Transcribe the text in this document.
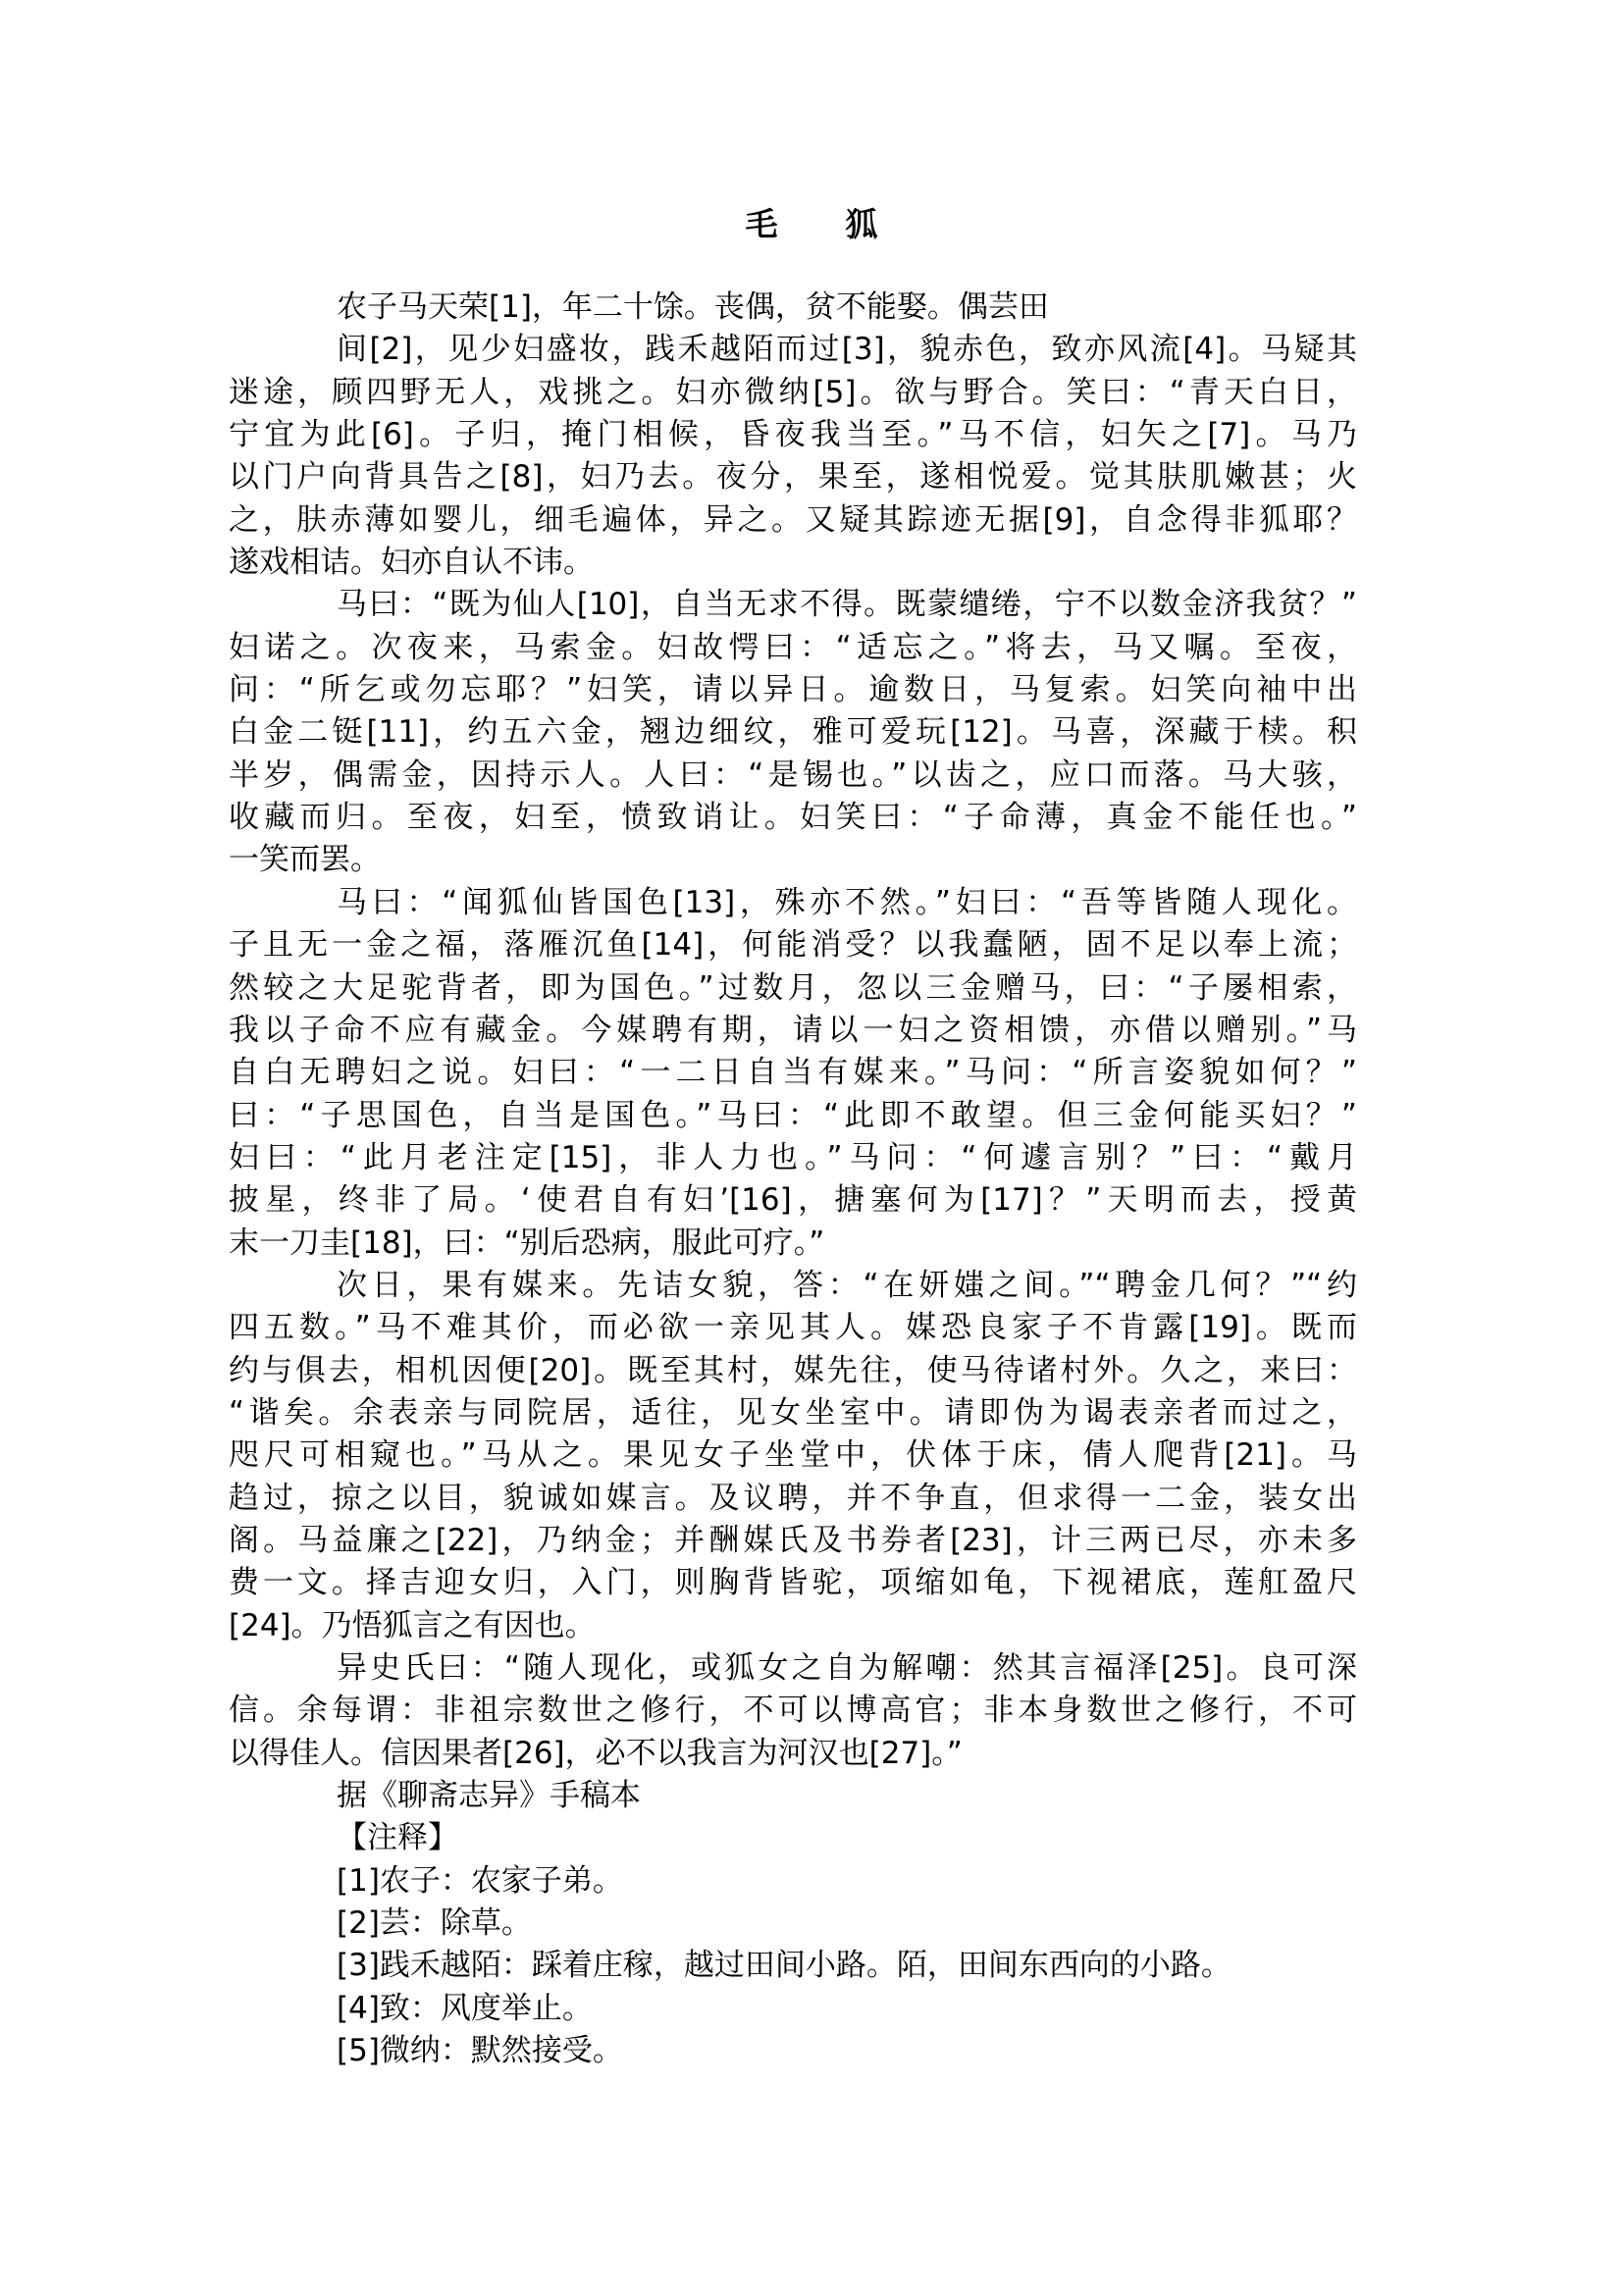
毛　　狐
农子马天荣[1]，年二十馀。丧偶，贫不能娶。偶芸田
间[2]，见少妇盛妆，践禾越陌而过[3]，貌赤色，致亦风流[4]。马疑其
迷途，顾四野无人，戏挑之。妇亦微纳[5]。欲与野合。笑曰：“青天白日，
宁宜为此[6]。子归，掩门相候，昏夜我当至。”马不信，妇矢之[7]。马乃
以门户向背具告之[8]，妇乃去。夜分，果至，遂相悦爱。觉其肤肌嫩甚；火
之，肤赤薄如婴儿，细毛遍体，异之。又疑其踪迹无据[9]，自念得非狐耶？
遂戏相诘。妇亦自认不讳。
马曰：“既为仙人[10]，自当无求不得。既蒙缱绻，宁不以数金济我贫？”
妇诺之。次夜来，马索金。妇故愕曰：“适忘之。”将去，马又嘱。至夜，
问：“所乞或勿忘耶？”妇笑，请以异日。逾数日，马复索。妇笑向袖中出
白金二铤[11]，约五六金，翘边细纹，雅可爱玩[12]。马喜，深藏于椟。积
半岁，偶需金，因持示人。人曰：“是锡也。”以齿之，应口而落。马大骇，
收藏而归。至夜，妇至，愤致诮让。妇笑曰：“子命薄，真金不能任也。”
一笑而罢。
马曰：“闻狐仙皆国色[13]，殊亦不然。”妇曰：“吾等皆随人现化。
子且无一金之福，落雁沉鱼[14]，何能消受？以我蠢陋，固不足以奉上流；
然较之大足驼背者，即为国色。”过数月，忽以三金赠马，曰：“子屡相索，
我以子命不应有藏金。今媒聘有期，请以一妇之资相馈，亦借以赠别。”马
自白无聘妇之说。妇曰：“一二日自当有媒来。”马问：“所言姿貌如何？”
曰：“子思国色，自当是国色。”马曰：“此即不敢望。但三金何能买妇？”
妇曰：“此月老注定[15]，非人力也。”马问：“何遽言别？”曰：“戴月
披星，终非了局。‘使君自有妇’[16]，搪塞何为[17]？”天明而去，授黄
末一刀圭[18]，曰：“别后恐病，服此可疗。”
次日，果有媒来。先诘女貌，答：“在妍媸之间。”“聘金几何？”“约
四五数。”马不难其价，而必欲一亲见其人。媒恐良家子不肯露[19]。既而
约与俱去，相机因便[20]。既至其村，媒先往，使马待诸村外。久之，来曰：
“谐矣。余表亲与同院居，适往，见女坐室中。请即伪为谒表亲者而过之，
咫尺可相窥也。”马从之。果见女子坐堂中，伏体于床，倩人爬背[21]。马
趋过，掠之以目，貌诚如媒言。及议聘，并不争直，但求得一二金，装女出
阁。马益廉之[22]，乃纳金；并酬媒氏及书券者[23]，计三两已尽，亦未多
费一文。择吉迎女归，入门，则胸背皆驼，项缩如龟，下视裙底，莲舡盈尺
[24]。乃悟狐言之有因也。
异史氏曰：“随人现化，或狐女之自为解嘲：然其言福泽[25]。良可深
信。余每谓：非祖宗数世之修行，不可以博高官；非本身数世之修行，不可
以得佳人。信因果者[26]，必不以我言为河汉也[27]。”
据《聊斋志异》手稿本
【注释】
[1]农子：农家子弟。
[2]芸：除草。
[3]践禾越陌：踩着庄稼，越过田间小路。陌，田间东西向的小路。
[4]致：风度举止。
[5]微纳：默然接受。
